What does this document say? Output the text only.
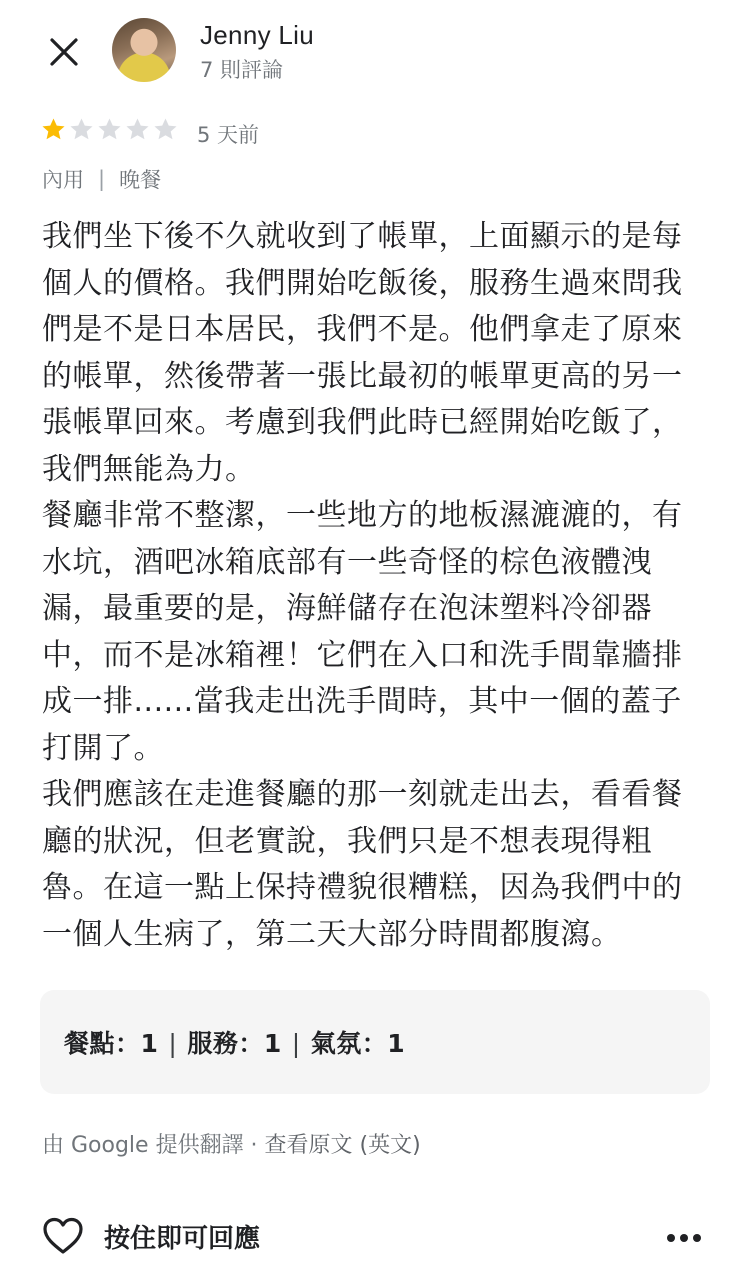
Jenny Liu
7 則評論
5 天前
內用 | 晚餐

我們坐下後不久就收到了帳單，上面顯示的是每個人的價格。我們開始吃飯後，服務生過來問我們是不是日本居民，我們不是。他們拿走了原來的帳單，然後帶著一張比最初的帳單更高的另一張帳單回來。考慮到我們此時已經開始吃飯了，我們無能為力。

餐廳非常不整潔，一些地方的地板濕漉漉的，有水坑，酒吧冰箱底部有一些奇怪的棕色液體洩漏，最重要的是，海鮮儲存在泡沫塑料冷卻器中，而不是冰箱裡！它們在入口和洗手間靠牆排成一排......當我走出洗手間時，其中一個的蓋子打開了。

我們應該在走進餐廳的那一刻就走出去，看看餐廳的狀況，但老實說，我們只是不想表現得粗魯。在這一點上保持禮貌很糟糕，因為我們中的一個人生病了，第二天大部分時間都腹瀉。

餐點：1 | 服務：1 | 氣氛：1
由 Google 提供翻譯 · 查看原文 (英文)
按住即可回應
